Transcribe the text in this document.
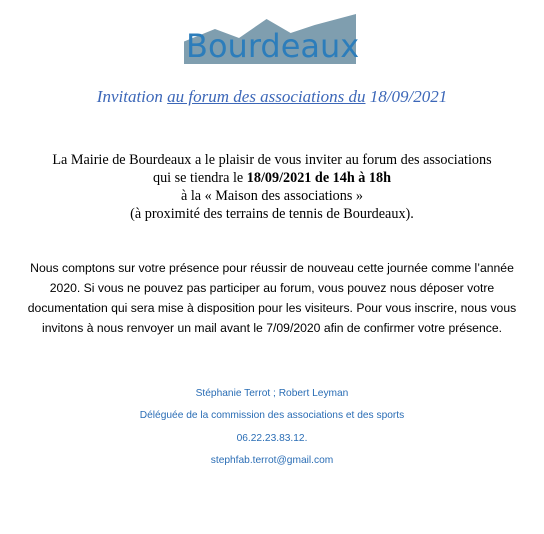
Mairie
Bourdeaux
Invitation au forum des associations du 18/09/2021
La Mairie de Bourdeaux a le plaisir de vous inviter au forum des associations
qui se tiendra le 18/09/2021 de 14h à 18h
à la « Maison des associations »
(à proximité des terrains de tennis de Bourdeaux).
Nous comptons sur votre présence pour réussir de nouveau cette journée comme l’année
2020. Si vous ne pouvez pas participer au forum, vous pouvez nous déposer votre
documentation qui sera mise à disposition pour les visiteurs. Pour vous inscrire, nous vous
invitons à nous renvoyer un mail avant le 7/09/2020 afin de confirmer votre présence.
Stéphanie Terrot ; Robert Leyman
Déléguée de la commission des associations et des sports
06.22.23.83.12.
stephfab.terrot@gmail.com
